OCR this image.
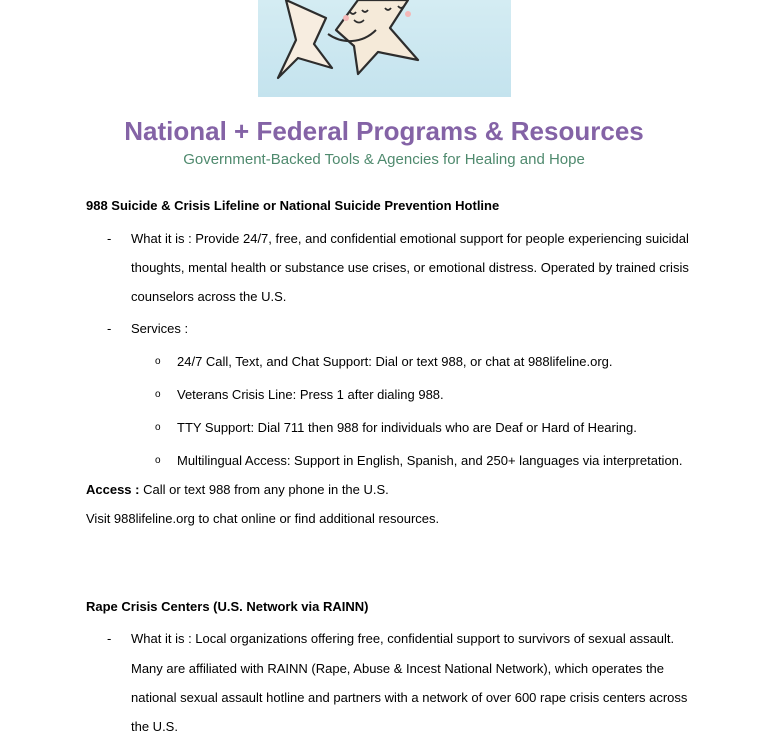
National + Federal Programs & Resources

Government-Backed Tools & Agencies for Healing and Hope

988 Suicide & Crisis Lifeline or National Suicide Prevention Hotline

- What it is : Provide 24/7, free, and confidential emotional support for people experiencing suicidal
thoughts, mental health or substance use crises, or emotional distress. Operated by trained crisis
counselors across the U.S.
- Services :
o 24/7 Call, Text, and Chat Support: Dial or text 988, or chat at 988lifeline.org.
o Veterans Crisis Line: Press 1 after dialing 988.
o TTY Support: Dial 711 then 988 for individuals who are Deaf or Hard of Hearing.
o Multilingual Access: Support in English, Spanish, and 250+ languages via interpretation.
Access : Call or text 988 from any phone in the U.S.
Visit 988lifeline.org to chat online or find additional resources.

Rape Crisis Centers (U.S. Network via RAINN)

- What it is : Local organizations offering free, confidential support to survivors of sexual assault.
Many are affiliated with RAINN (Rape, Abuse & Incest National Network), which operates the
national sexual assault hotline and partners with a network of over 600 rape crisis centers across
the U.S.
